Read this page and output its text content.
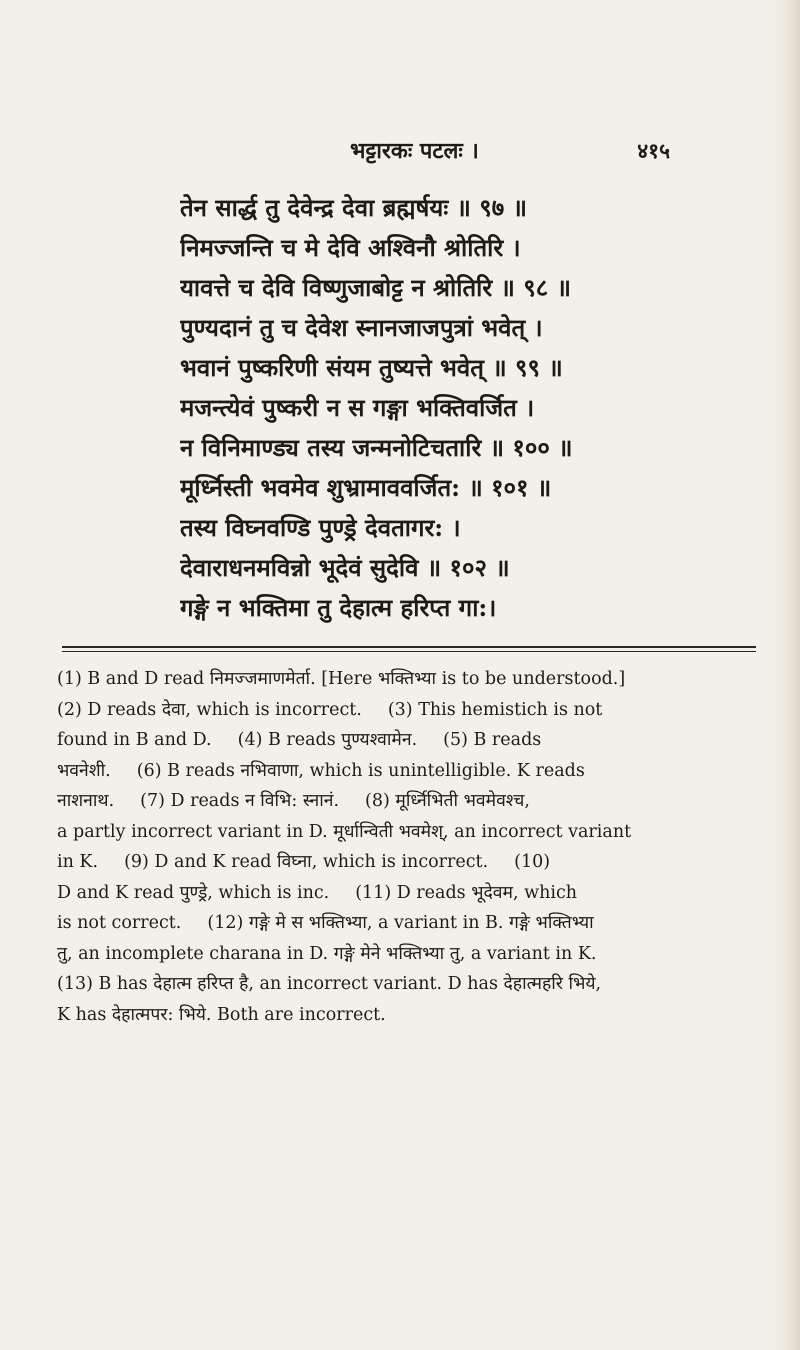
भट्टारकः पटलः ।	४१५
तेन सार्द्ध तु देवेन्द्र देवा ब्रह्मर्षयः ॥ ९७ ॥
निमज्जन्ति च मे देवि अश्विनौ श्रोतिरि ।
यावत्ते च देवि विष्णुजाबोट्ट न श्रोतिरि ॥ ९८ ॥
पुण्यदानं तु च देवेश स्नानजाजपुत्रां भवेत् ।
भवानं पुष्करिणी संयम तुष्यत्ते भवेत् ॥ ९९ ॥
मजन्त्येवं पुष्करी न स गङ्गा भक्तिवर्जित ।
न विनिमाण्ड्य तस्य जन्मनोटिचतारि ॥ १०० ॥
मूर्ध्निस्ती भवमेव शुभ्रामाववर्जित: ॥ १०१ ॥
तस्य विघ्नवण्डि पुण्ड्रे देवतागर: ।
देवाराधनमविन्नो भूदेवं सुदेवि ॥ १०२ ॥
गङ्गे न भक्तिमा तु देहात्म हरिप्त गा:।
(1) B and D read निमज्जमाणमेर्ता. [Here भक्तिभ्या is to be understood.]
(2) D reads देवा, which is incorrect. (3) This hemistich is not
found in B and D. (4) B reads पुण्यश्वामेन. (5) B reads
भवनेशी. (6) B reads नभिवाणा, which is unintelligible. K reads
नाशनाथ. (7) D reads न विभि: स्नानं. (8) मूर्ध्निभिती भवमेवश्च,
a partly incorrect variant in D. मूर्धान्विती भवमेश्, an incorrect variant
in K. (9) D and K read विघ्ना, which is incorrect. (10)
D and K read पुण्ड्रे, which is inc. (11) D reads भूदेवम, which
is not correct. (12) गङ्गे मे स भक्तिभ्या, a variant in B. गङ्गे भक्तिभ्या
तु, an incomplete charana in D. गङ्गे मेने भक्तिभ्या तु, a variant in K.
(13) B has देहात्म हरिप्त है, an incorrect variant. D has देहात्महरि भिये,
K has देहात्मपर: भिये. Both are incorrect.
